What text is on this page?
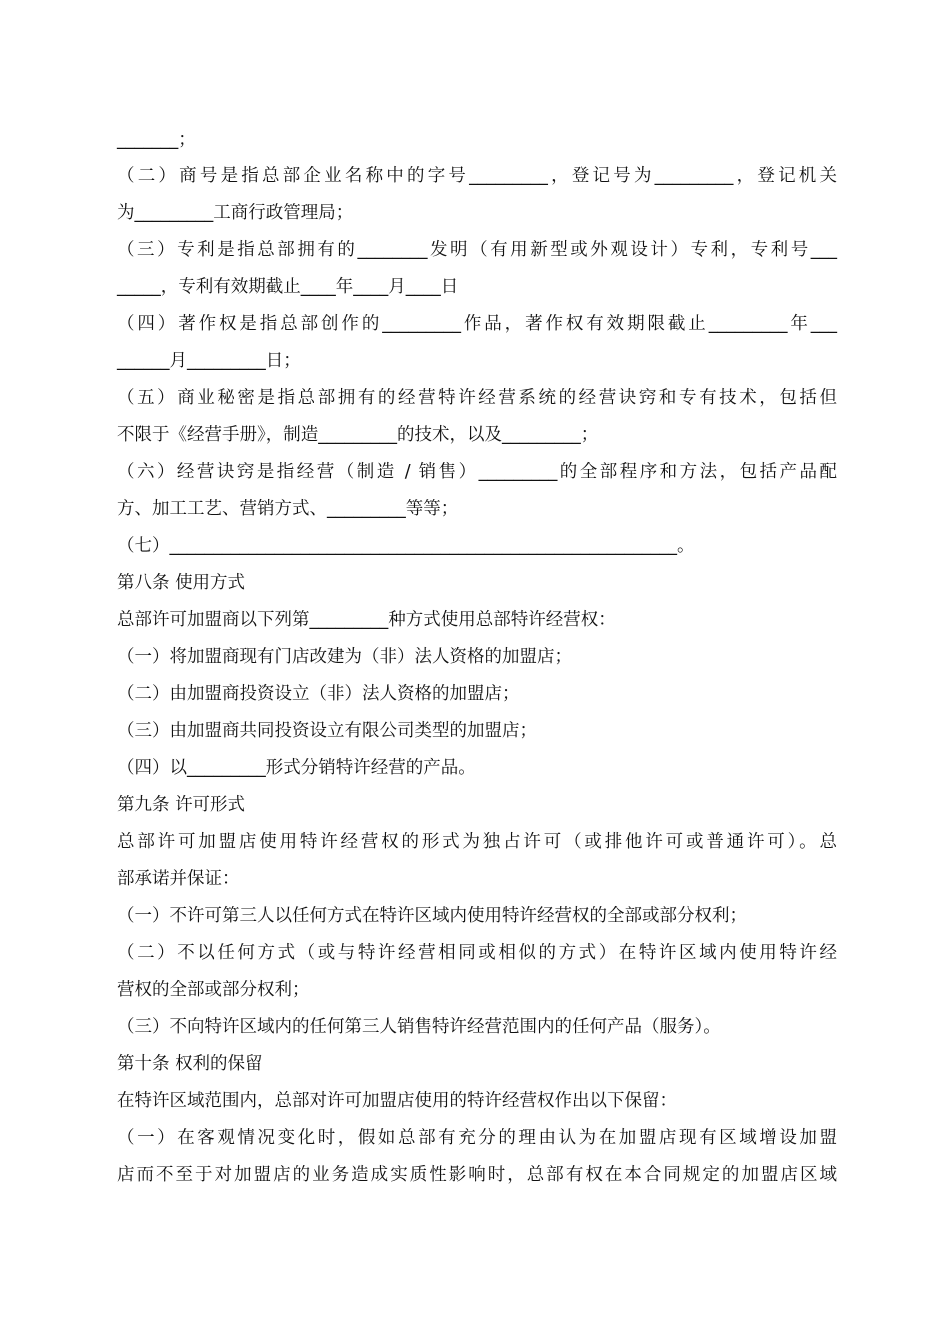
_______；
（二）商号是指总部企业名称中的字号_________，登记号为_________，登记机关
为_________工商行政管理局；
（三）专利是指总部拥有的________发明（有用新型或外观设计）专利，专利号___
_____，专利有效期截止____年____月____日
（四）著作权是指总部创作的_________作品，著作权有效期限截止_________年___
______月_________日；
（五）商业秘密是指总部拥有的经营特许经营系统的经营诀窍和专有技术，包括但
不限于《经营手册》，制造_________的技术，以及_________；
（六）经营诀窍是指经营（制造 / 销售）_________的全部程序和方法，包括产品配
方、加工工艺、营销方式、_________等等；
（七）__________________________________________________________。
第八条 使用方式
总部许可加盟商以下列第_________种方式使用总部特许经营权：
（一）将加盟商现有门店改建为（非）法人资格的加盟店；
（二）由加盟商投资设立（非）法人资格的加盟店；
（三）由加盟商共同投资设立有限公司类型的加盟店；
（四）以_________形式分销特许经营的产品。
第九条 许可形式
总部许可加盟店使用特许经营权的形式为独占许可（或排他许可或普通许可）。总
部承诺并保证：
（一）不许可第三人以任何方式在特许区域内使用特许经营权的全部或部分权利；
（二）不以任何方式（或与特许经营相同或相似的方式）在特许区域内使用特许经
营权的全部或部分权利；
（三）不向特许区域内的任何第三人销售特许经营范围内的任何产品（服务）。
第十条 权利的保留
在特许区域范围内，总部对许可加盟店使用的特许经营权作出以下保留：
（一）在客观情况变化时，假如总部有充分的理由认为在加盟店现有区域增设加盟
店而不至于对加盟店的业务造成实质性影响时，总部有权在本合同规定的加盟店区域
